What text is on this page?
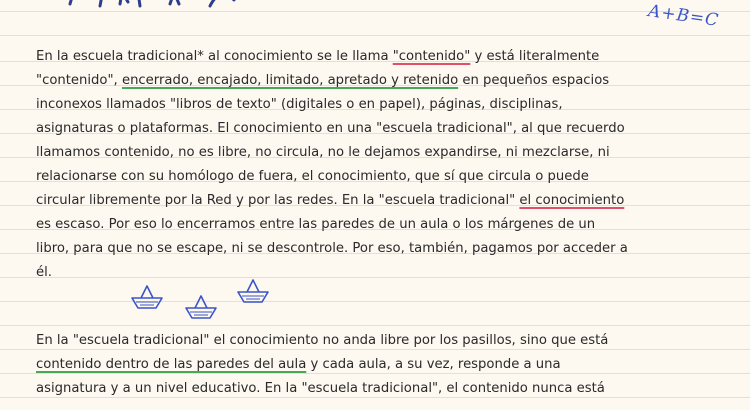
A+B=C
En la escuela tradicional* al conocimiento se le llama "contenido" y está literalmente
"contenido", encerrado, encajado, limitado, apretado y retenido en pequeños espacios
inconexos llamados "libros de texto" (digitales o en papel), páginas, disciplinas,
asignaturas o plataformas. El conocimiento en una "escuela tradicional", al que recuerdo
llamamos contenido, no es libre, no circula, no le dejamos expandirse, ni mezclarse, ni
relacionarse con su homólogo de fuera, el conocimiento, que sí que circula o puede
circular libremente por la Red y por las redes. En la "escuela tradicional" el conocimiento
es escaso. Por eso lo encerramos entre las paredes de un aula o los márgenes de un
libro, para que no se escape, ni se descontrole. Por eso, también, pagamos por acceder a
él.
En la "escuela tradicional" el conocimiento no anda libre por los pasillos, sino que está
contenido dentro de las paredes del aula y cada aula, a su vez, responde a una
asignatura y a un nivel educativo. En la "escuela tradicional", el contenido nunca está
